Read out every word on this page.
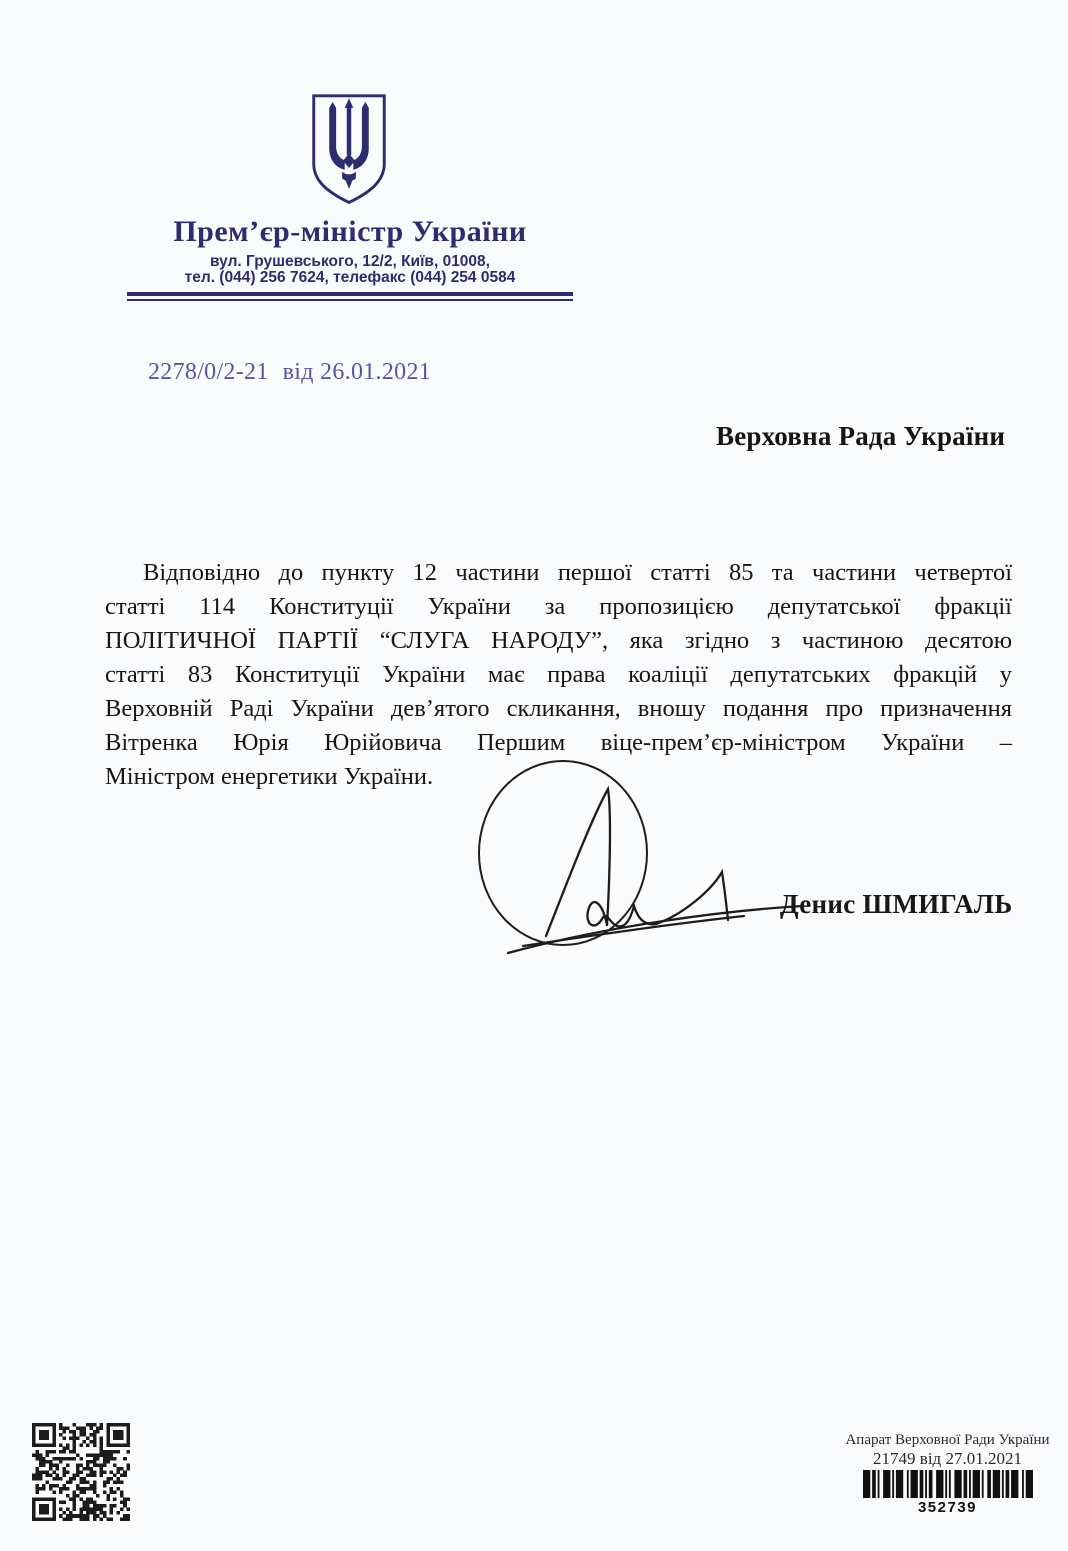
Прем’єр-міністр України
вул. Грушевського, 12/2, Київ, 01008,
тел. (044) 256 7624, телефакс (044) 254 0584
2278/0/2-21 від 26.01.2021
Верховна Рада України
Відповідно до пункту 12 частини першої статті 85 та частини четвертої
статті 114 Конституції України за пропозицією депутатської фракції
ПОЛІТИЧНОЇ ПАРТІЇ “СЛУГА НАРОДУ”, яка згідно з частиною десятою
статті 83 Конституції України має права коаліції депутатських фракцій у
Верховній Раді України дев’ятого скликання, вношу подання про призначення
Вітренка Юрія Юрійовича Першим віце-прем’єр-міністром України –
Міністром енергетики України.
Денис ШМИГАЛЬ
Апарат Верховної Ради України
21749 від 27.01.2021
352739
